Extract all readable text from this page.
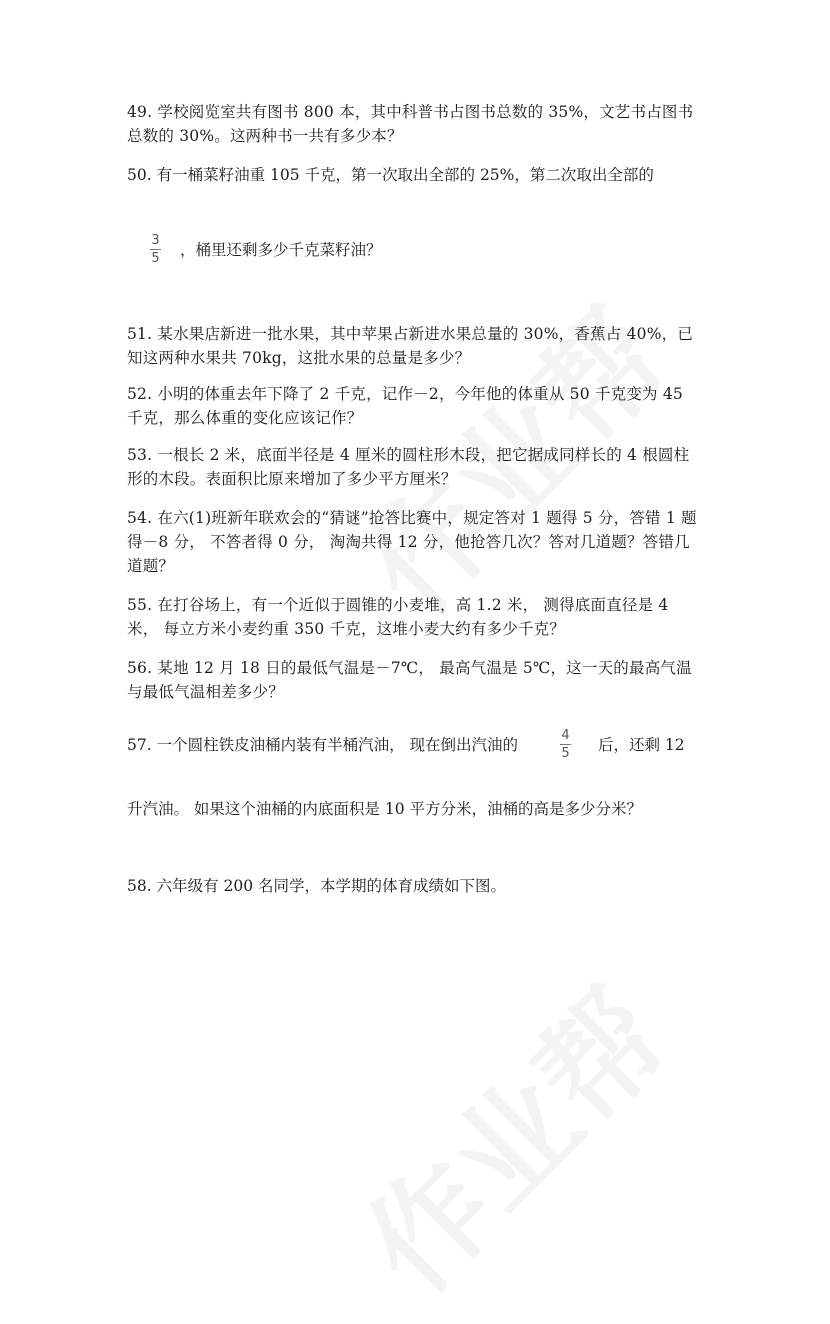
49. 学校阅览室共有图书 800 本，其中科普书占图书总数的 35%，文艺书占图书总数的 30%。这两种书一共有多少本？

50. 有一桶菜籽油重 105 千克，第一次取出全部的 25%，第二次取出全部的

3
5 ，桶里还剩多少千克菜籽油？

51. 某水果店新进一批水果，其中苹果占新进水果总量的 30%，香蕉占 40%，已知这两种水果共 70kg，这批水果的总量是多少？

52. 小明的体重去年下降了 2 千克，记作－2，今年他的体重从 50 千克变为 45 千克，那么体重的变化应该记作？

53. 一根长 2 米，底面半径是 4 厘米的圆柱形木段，把它据成同样长的 4 根圆柱形的木段。表面积比原来增加了多少平方厘米？

54. 在六(1)班新年联欢会的“猜谜”抢答比赛中，规定答对 1 题得 5 分，答错 1 题得－8 分， 不答者得 0 分， 淘淘共得 12 分，他抢答几次？答对几道题？答错几道题？

55. 在打谷场上，有一个近似于圆锥的小麦堆，高 1.2 米， 测得底面直径是 4 米， 每立方米小麦约重 350 千克，这堆小麦大约有多少千克？

56. 某地 12 月 18 日的最低气温是－7℃， 最高气温是 5℃，这一天的最高气温与最低气温相差多少？

57. 一个圆柱铁皮油桶内装有半桶汽油， 现在倒出汽油的

4
5 后，还剩 12

升汽油。 如果这个油桶的内底面积是 10 平方分米，油桶的高是多少分米？

58. 六年级有 200 名同学，本学期的体育成绩如下图。
